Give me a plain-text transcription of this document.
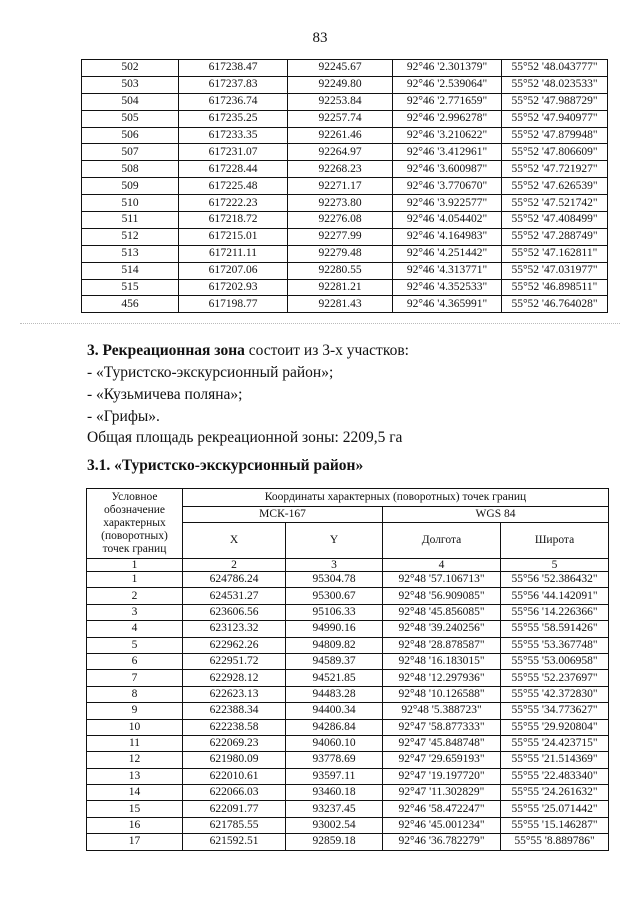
83
502	617238.47	92245.67	92°46 '2.301379"	55°52 '48.043777"
503	617237.83	92249.80	92°46 '2.539064"	55°52 '48.023533"
504	617236.74	92253.84	92°46 '2.771659"	55°52 '47.988729"
505	617235.25	92257.74	92°46 '2.996278"	55°52 '47.940977"
506	617233.35	92261.46	92°46 '3.210622"	55°52 '47.879948"
507	617231.07	92264.97	92°46 '3.412961"	55°52 '47.806609"
508	617228.44	92268.23	92°46 '3.600987"	55°52 '47.721927"
509	617225.48	92271.17	92°46 '3.770670"	55°52 '47.626539"
510	617222.23	92273.80	92°46 '3.922577"	55°52 '47.521742"
511	617218.72	92276.08	92°46 '4.054402"	55°52 '47.408499"
512	617215.01	92277.99	92°46 '4.164983"	55°52 '47.288749"
513	617211.11	92279.48	92°46 '4.251442"	55°52 '47.162811"
514	617207.06	92280.55	92°46 '4.313771"	55°52 '47.031977"
515	617202.93	92281.21	92°46 '4.352533"	55°52 '46.898511"
456	617198.77	92281.43	92°46 '4.365991"	55°52 '46.764028"
3. Рекреационная зона состоит из 3-х участков:
- «Туристско-экскурсионный район»;
- «Кузьмичева поляна»;
- «Грифы».
Общая площадь рекреационной зоны: 2209,5 га
3.1. «Туристско-экскурсионный район»
Условное обозначение характерных (поворотных) точек границ	Координаты характерных (поворотных) точек границ			
	МСК-167		WGS 84	
	X	Y	Долгота	Широта
1	2	3	4	5
1	624786.24	95304.78	92°48 '57.106713"	55°56 '52.386432"
2	624531.27	95300.67	92°48 '56.909085"	55°56 '44.142091"
3	623606.56	95106.33	92°48 '45.856085"	55°56 '14.226366"
4	623123.32	94990.16	92°48 '39.240256"	55°55 '58.591426"
5	622962.26	94809.82	92°48 '28.878587"	55°55 '53.367748"
6	622951.72	94589.37	92°48 '16.183015"	55°55 '53.006958"
7	622928.12	94521.85	92°48 '12.297936"	55°55 '52.237697"
8	622623.13	94483.28	92°48 '10.126588"	55°55 '42.372830"
9	622388.34	94400.34	92°48 '5.388723"	55°55 '34.773627"
10	622238.58	94286.84	92°47 '58.877333"	55°55 '29.920804"
11	622069.23	94060.10	92°47 '45.848748"	55°55 '24.423715"
12	621980.09	93778.69	92°47 '29.659193"	55°55 '21.514369"
13	622010.61	93597.11	92°47 '19.197720"	55°55 '22.483340"
14	622066.03	93460.18	92°47 '11.302829"	55°55 '24.261632"
15	622091.77	93237.45	92°46 '58.472247"	55°55 '25.071442"
16	621785.55	93002.54	92°46 '45.001234"	55°55 '15.146287"
17	621592.51	92859.18	92°46 '36.782279"	55°55 '8.889786"
